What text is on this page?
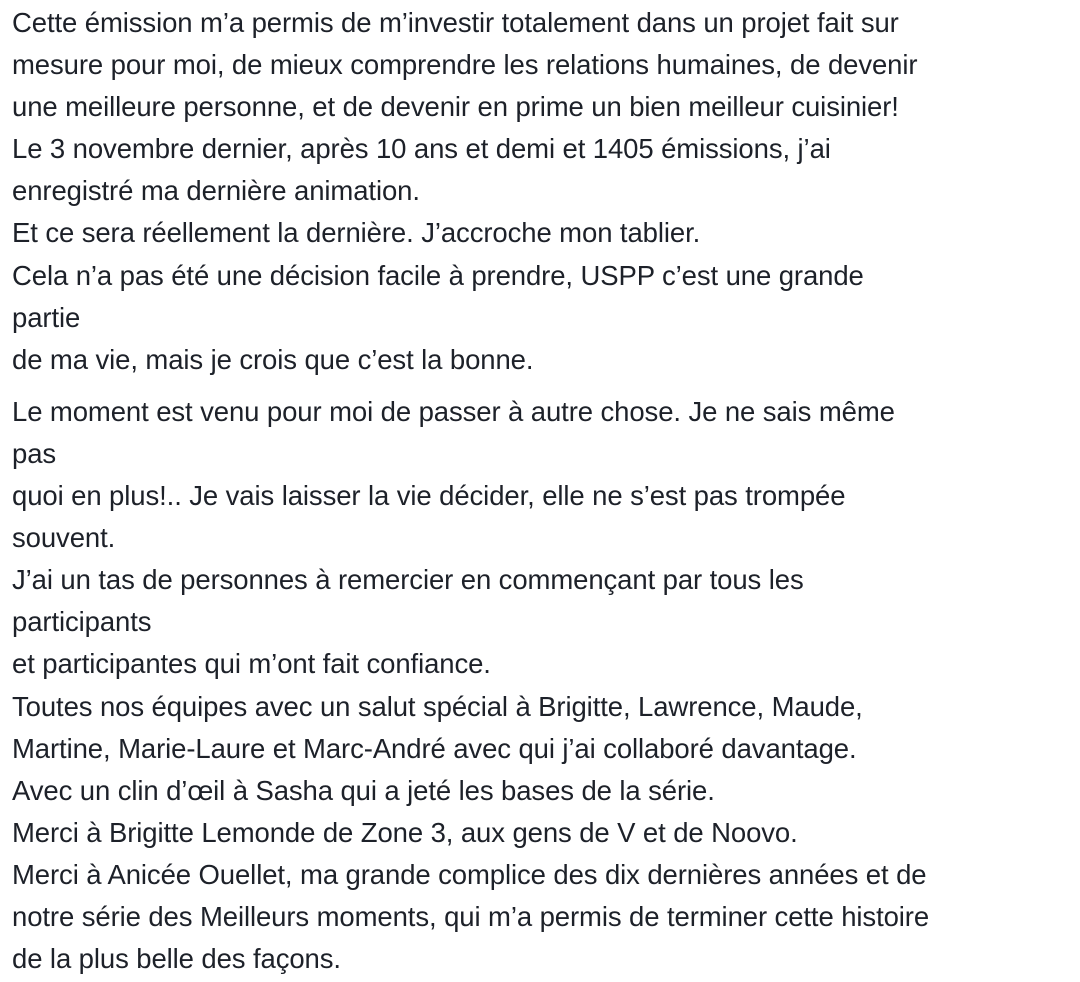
Cette émission m’a permis de m’investir totalement dans un projet fait sur
mesure pour moi, de mieux comprendre les relations humaines, de devenir
une meilleure personne, et de devenir en prime un bien meilleur cuisinier!
Le 3 novembre dernier, après 10 ans et demi et 1405 émissions, j’ai
enregistré ma dernière animation.
Et ce sera réellement la dernière. J’accroche mon tablier.
Cela n’a pas été une décision facile à prendre, USPP c’est une grande
partie
de ma vie, mais je crois que c’est la bonne.

Le moment est venu pour moi de passer à autre chose. Je ne sais même
pas
quoi en plus!.. Je vais laisser la vie décider, elle ne s’est pas trompée
souvent.
J’ai un tas de personnes à remercier en commençant par tous les
participants
et participantes qui m’ont fait confiance.
Toutes nos équipes avec un salut spécial à Brigitte, Lawrence, Maude,
Martine, Marie-Laure et Marc-André avec qui j’ai collaboré davantage.
Avec un clin d’œil à Sasha qui a jeté les bases de la série.
Merci à Brigitte Lemonde de Zone 3, aux gens de V et de Noovo.
Merci à Anicée Ouellet, ma grande complice des dix dernières années et de
notre série des Meilleurs moments, qui m’a permis de terminer cette histoire
de la plus belle des façons.
